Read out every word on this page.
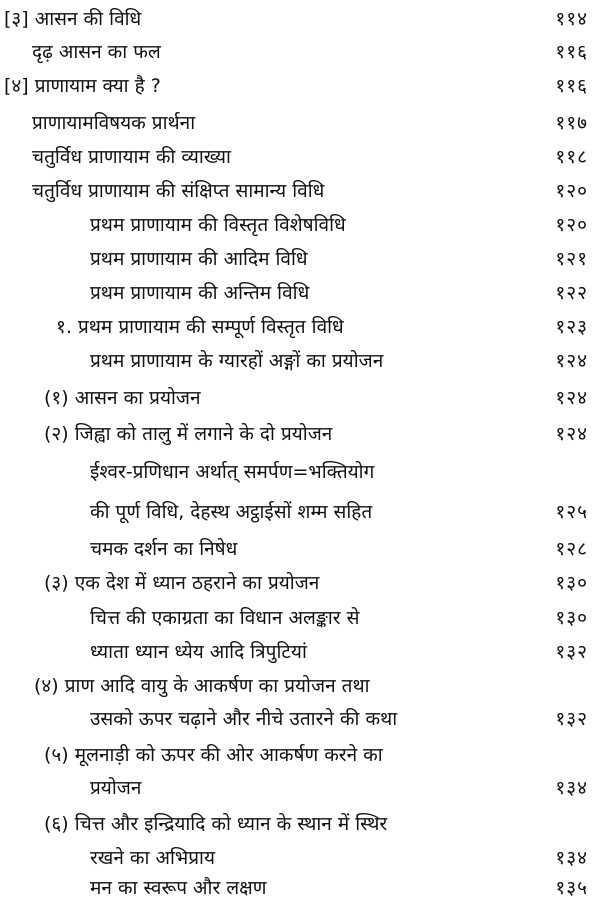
[३] आसन की विधि	११४
दृढ़ आसन का फल	११६
[४] प्राणायाम क्या है ?	११६
प्राणायामविषयक प्रार्थना	११७
चतुर्विध प्राणायाम की व्याख्या	११८
चतुर्विध प्राणायाम की संक्षिप्त सामान्य विधि	१२०
प्रथम प्राणायाम की विस्तृत विशेषविधि	१२०
प्रथम प्राणायाम की आदिम विधि	१२१
प्रथम प्राणायाम की अन्तिम विधि	१२२
१. प्रथम प्राणायाम की सम्पूर्ण विस्तृत विधि	१२३
प्रथम प्राणायाम के ग्यारहों अङ्गों का प्रयोजन	१२४
(१) आसन का प्रयोजन	१२४
(२) जिह्वा को तालु में लगाने के दो प्रयोजन	१२४
ईश्वर-प्रणिधान अर्थात् समर्पण=भक्तियोग
की पूर्ण विधि, देहस्थ अट्ठाईसों शम्म सहित	१२५
चमक दर्शन का निषेध	१२८
(३) एक देश में ध्यान ठहराने का प्रयोजन	१३०
चित्त की एकाग्रता का विधान अलङ्कार से	१३०
ध्याता ध्यान ध्येय आदि त्रिपुटियां	१३२
(४) प्राण आदि वायु के आकर्षण का प्रयोजन तथा
उसको ऊपर चढ़ाने और नीचे उतारने की कथा	१३२
(५) मूलनाड़ी को ऊपर की ओर आकर्षण करने का
प्रयोजन	१३४
(६) चित्त और इन्द्रियादि को ध्यान के स्थान में स्थिर
रखने का अभिप्राय	१३४
मन का स्वरूप और लक्षण	१३५
